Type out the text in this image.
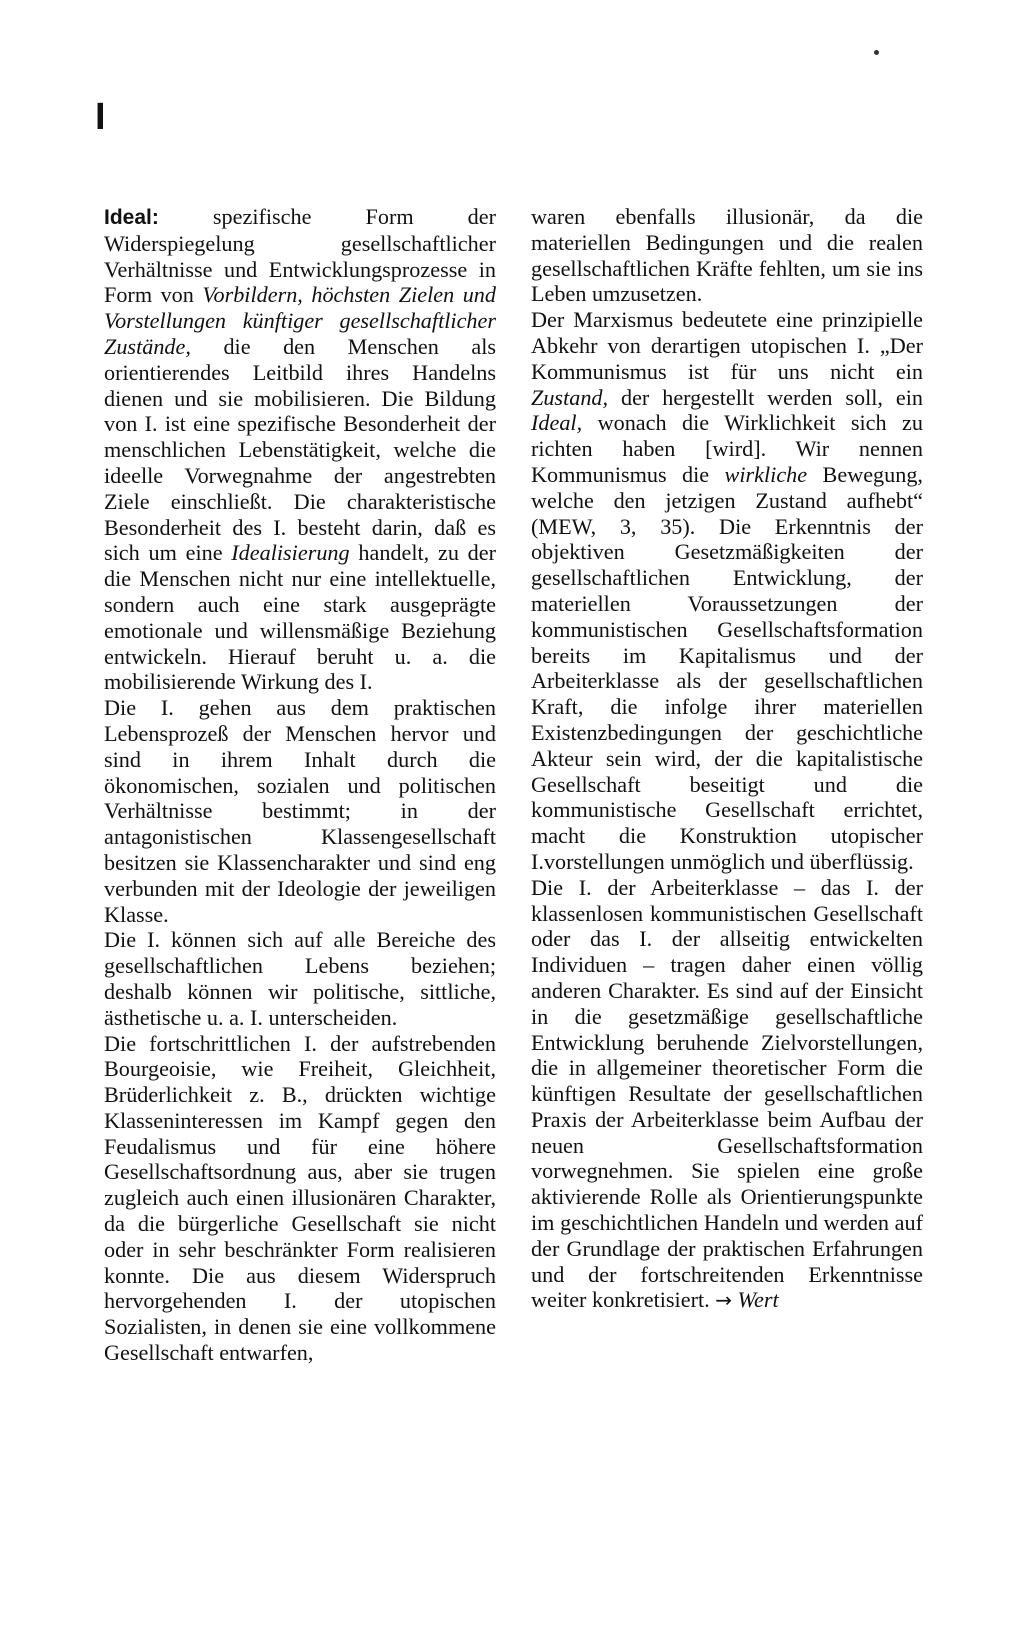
I

Ideal: spezifische Form der Widerspiegelung gesellschaftlicher Verhältnisse und Entwicklungsprozesse in Form von Vorbildern, höchsten Zielen und Vorstellungen künftiger gesellschaftlicher Zustände, die den Menschen als orientierendes Leitbild ihres Handelns dienen und sie mobilisieren. Die Bildung von I. ist eine spezifische Besonderheit der menschlichen Lebenstätigkeit, welche die ideelle Vorwegnahme der angestrebten Ziele einschließt. Die charakteristische Besonderheit des I. besteht darin, daß es sich um eine Idealisierung handelt, zu der die Menschen nicht nur eine intellektuelle, sondern auch eine stark ausgeprägte emotionale und willensmäßige Beziehung entwickeln. Hierauf beruht u. a. die mobilisierende Wirkung des I.

Die I. gehen aus dem praktischen Lebensprozeß der Menschen hervor und sind in ihrem Inhalt durch die ökonomischen, sozialen und politischen Verhältnisse bestimmt; in der antagonistischen Klassengesellschaft besitzen sie Klassencharakter und sind eng verbunden mit der Ideologie der jeweiligen Klasse.

Die I. können sich auf alle Bereiche des gesellschaftlichen Lebens beziehen; deshalb können wir politische, sittliche, ästhetische u. a. I. unterscheiden.

Die fortschrittlichen I. der aufstrebenden Bourgeoisie, wie Freiheit, Gleichheit, Brüderlichkeit z. B., drückten wichtige Klasseninteressen im Kampf gegen den Feudalismus und für eine höhere Gesellschaftsordnung aus, aber sie trugen zugleich auch einen illusionären Charakter, da die bürgerliche Gesellschaft sie nicht oder in sehr beschränkter Form realisieren konnte. Die aus diesem Widerspruch hervorgehenden I. der utopischen Sozialisten, in denen sie eine vollkommene Gesellschaft entwarfen,

waren ebenfalls illusionär, da die materiellen Bedingungen und die realen gesellschaftlichen Kräfte fehlten, um sie ins Leben umzusetzen.

Der Marxismus bedeutete eine prinzipielle Abkehr von derartigen utopischen I. „Der Kommunismus ist für uns nicht ein Zustand, der hergestellt werden soll, ein Ideal, wonach die Wirklichkeit sich zu richten haben [wird]. Wir nennen Kommunismus die wirkliche Bewegung, welche den jetzigen Zustand aufhebt“ (MEW, 3, 35). Die Erkenntnis der objektiven Gesetzmäßigkeiten der gesellschaftlichen Entwicklung, der materiellen Voraussetzungen der kommunistischen Gesellschaftsformation bereits im Kapitalismus und der Arbeiterklasse als der gesellschaftlichen Kraft, die infolge ihrer materiellen Existenzbedingungen der geschichtliche Akteur sein wird, der die kapitalistische Gesellschaft beseitigt und die kommunistische Gesellschaft errichtet, macht die Konstruktion utopischer I.vorstellungen unmöglich und überflüssig.

Die I. der Arbeiterklasse – das I. der klassenlosen kommunistischen Gesellschaft oder das I. der allseitig entwickelten Individuen – tragen daher einen völlig anderen Charakter. Es sind auf der Einsicht in die gesetzmäßige gesellschaftliche Entwicklung beruhende Zielvorstellungen, die in allgemeiner theoretischer Form die künftigen Resultate der gesellschaftlichen Praxis der Arbeiterklasse beim Aufbau der neuen Gesellschaftsformation vorwegnehmen. Sie spielen eine große aktivierende Rolle als Orientierungspunkte im geschichtlichen Handeln und werden auf der Grundlage der praktischen Erfahrungen und der fortschreitenden Erkenntnisse weiter konkretisiert. → Wert
